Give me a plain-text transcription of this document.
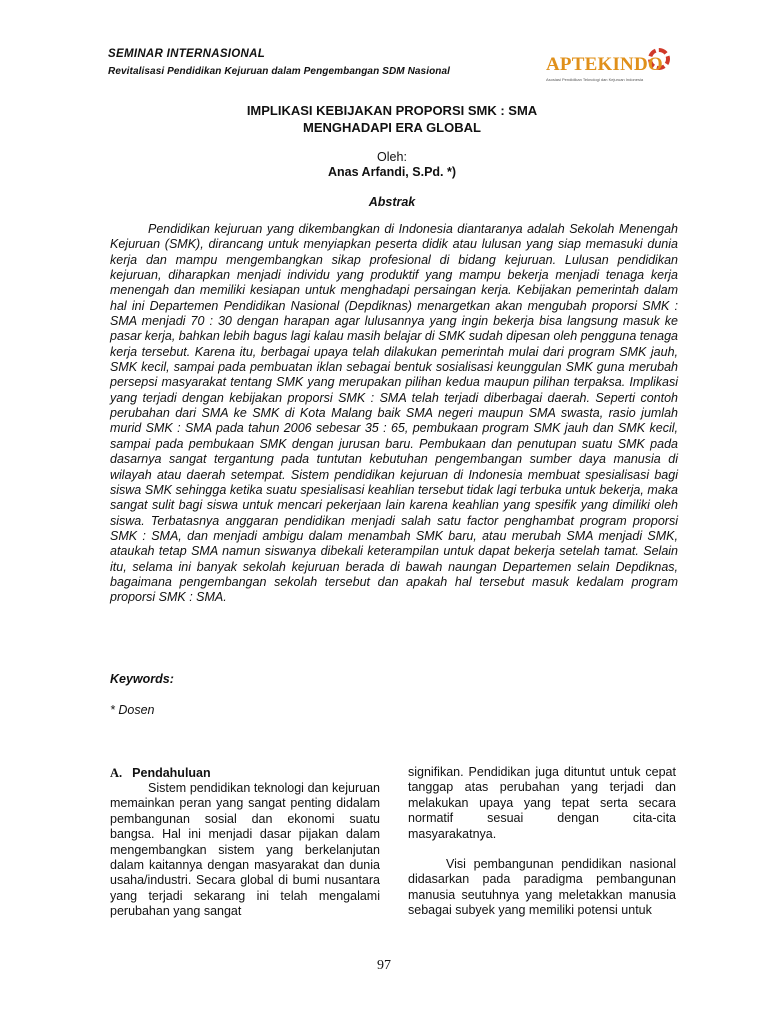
SEMINAR INTERNASIONAL
Revitalisasi Pendidikan Kejuruan dalam Pengembangan SDM Nasional	APTEKINDO
Asosiasi Pendidikan Teknologi dan Kejuruan Indonesia
IMPLIKASI KEBIJAKAN PROPORSI SMK : SMA
MENGHADAPI ERA GLOBAL
Oleh:
Anas Arfandi, S.Pd. *)
Abstrak

Pendidikan kejuruan yang dikembangkan di Indonesia diantaranya adalah Sekolah Menengah Kejuruan (SMK), dirancang untuk menyiapkan peserta didik atau lulusan yang siap memasuki dunia kerja dan mampu mengembangkan sikap profesional di bidang kejuruan. Lulusan pendidikan kejuruan, diharapkan menjadi individu yang produktif yang mampu bekerja menjadi tenaga kerja menengah dan memiliki kesiapan untuk menghadapi persaingan kerja. Kebijakan pemerintah dalam hal ini Departemen Pendidikan Nasional (Depdiknas) menargetkan akan mengubah proporsi SMK : SMA menjadi 70 : 30 dengan harapan agar lulusannya yang ingin bekerja bisa langsung masuk ke pasar kerja, bahkan lebih bagus lagi kalau masih belajar di SMK sudah dipesan oleh pengguna tenaga kerja tersebut. Karena itu, berbagai upaya telah dilakukan pemerintah mulai dari program SMK jauh, SMK kecil, sampai pada pembuatan iklan sebagai bentuk sosialisasi keunggulan SMK guna merubah persepsi masyarakat tentang SMK yang merupakan pilihan kedua maupun pilihan terpaksa. Implikasi yang terjadi dengan kebijakan proporsi SMK : SMA telah terjadi diberbagai daerah. Seperti contoh perubahan dari SMA ke SMK di Kota Malang baik SMA negeri maupun SMA swasta, rasio jumlah murid SMK : SMA pada tahun 2006 sebesar 35 : 65, pembukaan program SMK jauh dan SMK kecil, sampai pada pembukaan SMK dengan jurusan baru. Pembukaan dan penutupan suatu SMK pada dasarnya sangat tergantung pada tuntutan kebutuhan pengembangan sumber daya manusia di wilayah atau daerah setempat. Sistem pendidikan kejuruan di Indonesia membuat spesialisasi bagi siswa SMK sehingga ketika suatu spesialisasi keahlian tersebut tidak lagi terbuka untuk bekerja, maka sangat sulit bagi siswa untuk mencari pekerjaan lain karena keahlian yang spesifik yang dimiliki oleh siswa. Terbatasnya anggaran pendidikan menjadi salah satu factor penghambat program proporsi SMK : SMA, dan menjadi ambigu dalam menambah SMK baru, atau merubah SMA menjadi SMK, ataukah tetap SMA namun siswanya dibekali keterampilan untuk dapat bekerja setelah tamat. Selain itu, selama ini banyak sekolah kejuruan berada di bawah naungan Departemen selain Depdiknas, bagaimana pengembangan sekolah tersebut dan apakah hal tersebut masuk kedalam program proporsi SMK : SMA.

Keywords:
* Dosen
A. Pendahuluan

Sistem pendidikan teknologi dan kejuruan memainkan peran yang sangat penting didalam pembangunan sosial dan ekonomi suatu bangsa. Hal ini menjadi dasar pijakan dalam mengembangkan sistem yang berkelanjutan dalam kaitannya dengan masyarakat dan dunia usaha/industri. Secara global di bumi nusantara yang terjadi sekarang ini telah mengalami perubahan yang sangat

signifikan. Pendidikan juga dituntut untuk cepat tanggap atas perubahan yang terjadi dan melakukan upaya yang tepat serta secara normatif sesuai dengan cita-cita masyarakatnya.

Visi pembangunan pendidikan nasional didasarkan pada paradigma pembangunan manusia seutuhnya yang meletakkan manusia sebagai subyek yang memiliki potensi untuk

97
